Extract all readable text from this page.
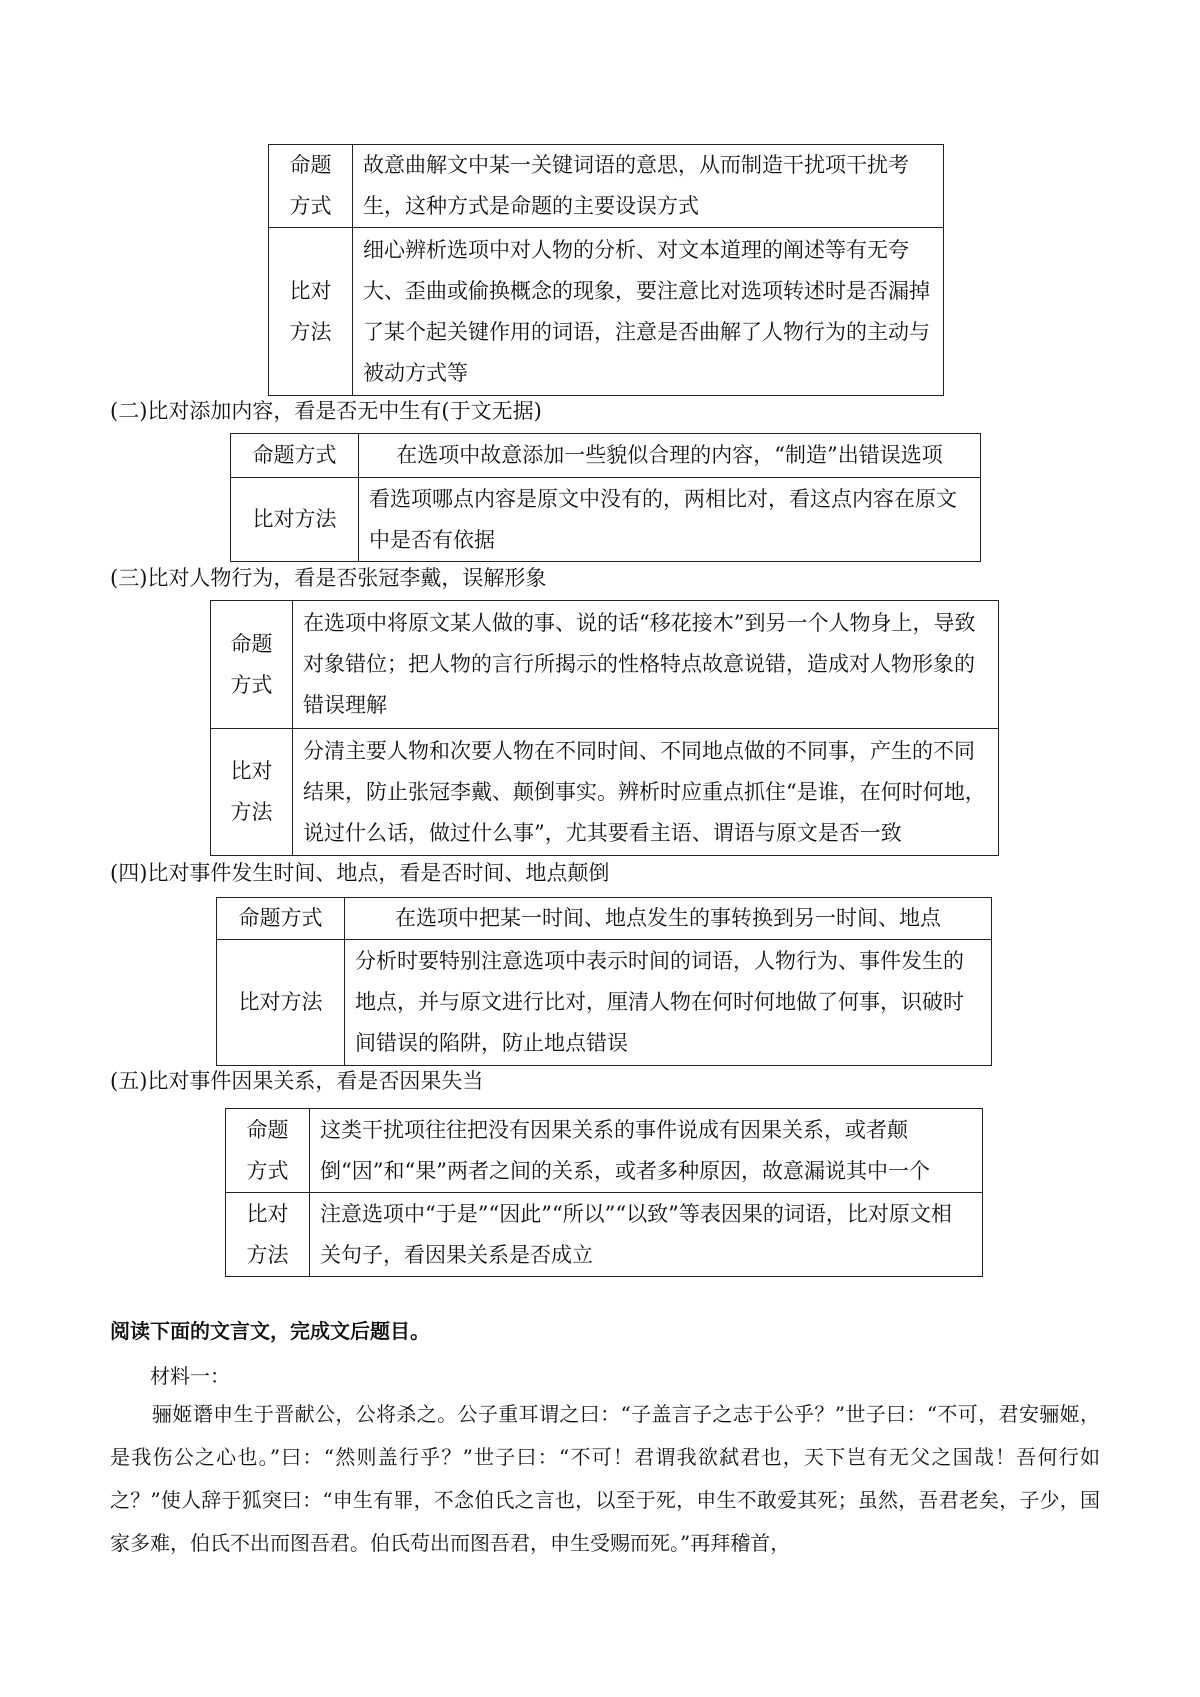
命题
方式	故意曲解文中某一关键词语的意思，从而制造干扰项干扰考生，这种方式是命题的主要设误方式
比对
方法	细心辨析选项中对人物的分析、对文本道理的阐述等有无夸大、歪曲或偷换概念的现象，要注意比对选项转述时是否漏掉了某个起关键作用的词语，注意是否曲解了人物行为的主动与被动方式等
(二)比对添加内容，看是否无中生有(于文无据)
命题方式	在选项中故意添加一些貌似合理的内容，“制造”出错误选项
比对方法	看选项哪点内容是原文中没有的，两相比对，看这点内容在原文中是否有依据
(三)比对人物行为，看是否张冠李戴，误解形象
命题
方式	在选项中将原文某人做的事、说的话“移花接木”到另一个人物身上，导致对象错位；把人物的言行所揭示的性格特点故意说错，造成对人物形象的错误理解
比对
方法	分清主要人物和次要人物在不同时间、不同地点做的不同事，产生的不同结果，防止张冠李戴、颠倒事实。辨析时应重点抓住“是谁，在何时何地，说过什么话，做过什么事”，尤其要看主语、谓语与原文是否一致
(四)比对事件发生时间、地点，看是否时间、地点颠倒
命题方式	在选项中把某一时间、地点发生的事转换到另一时间、地点
比对方法	分析时要特别注意选项中表示时间的词语，人物行为、事件发生的地点，并与原文进行比对，厘清人物在何时何地做了何事，识破时间错误的陷阱，防止地点错误
(五)比对事件因果关系，看是否因果失当
命题
方式	这类干扰项往往把没有因果关系的事件说成有因果关系，或者颠倒“因”和“果”两者之间的关系，或者多种原因，故意漏说其中一个
比对
方法	注意选项中“于是”“因此”“所以”“以致”等表因果的词语，比对原文相关句子，看因果关系是否成立
阅读下面的文言文，完成文后题目。
材料一：

骊姬谮申生于晋献公，公将杀之。公子重耳谓之曰：“子盖言子之志于公乎？”世子曰：“不可，君安骊姬，是我伤公之心也。”曰：“然则盖行乎？”世子曰：“不可！君谓我欲弑君也，天下岂有无父之国哉！吾何行如之？”使人辞于狐突曰：“申生有罪，不念伯氏之言也，以至于死，申生不敢爱其死；虽然，吾君老矣，子少，国家多难，伯氏不出而图吾君。伯氏苟出而图吾君，申生受赐而死。”再拜稽首，
